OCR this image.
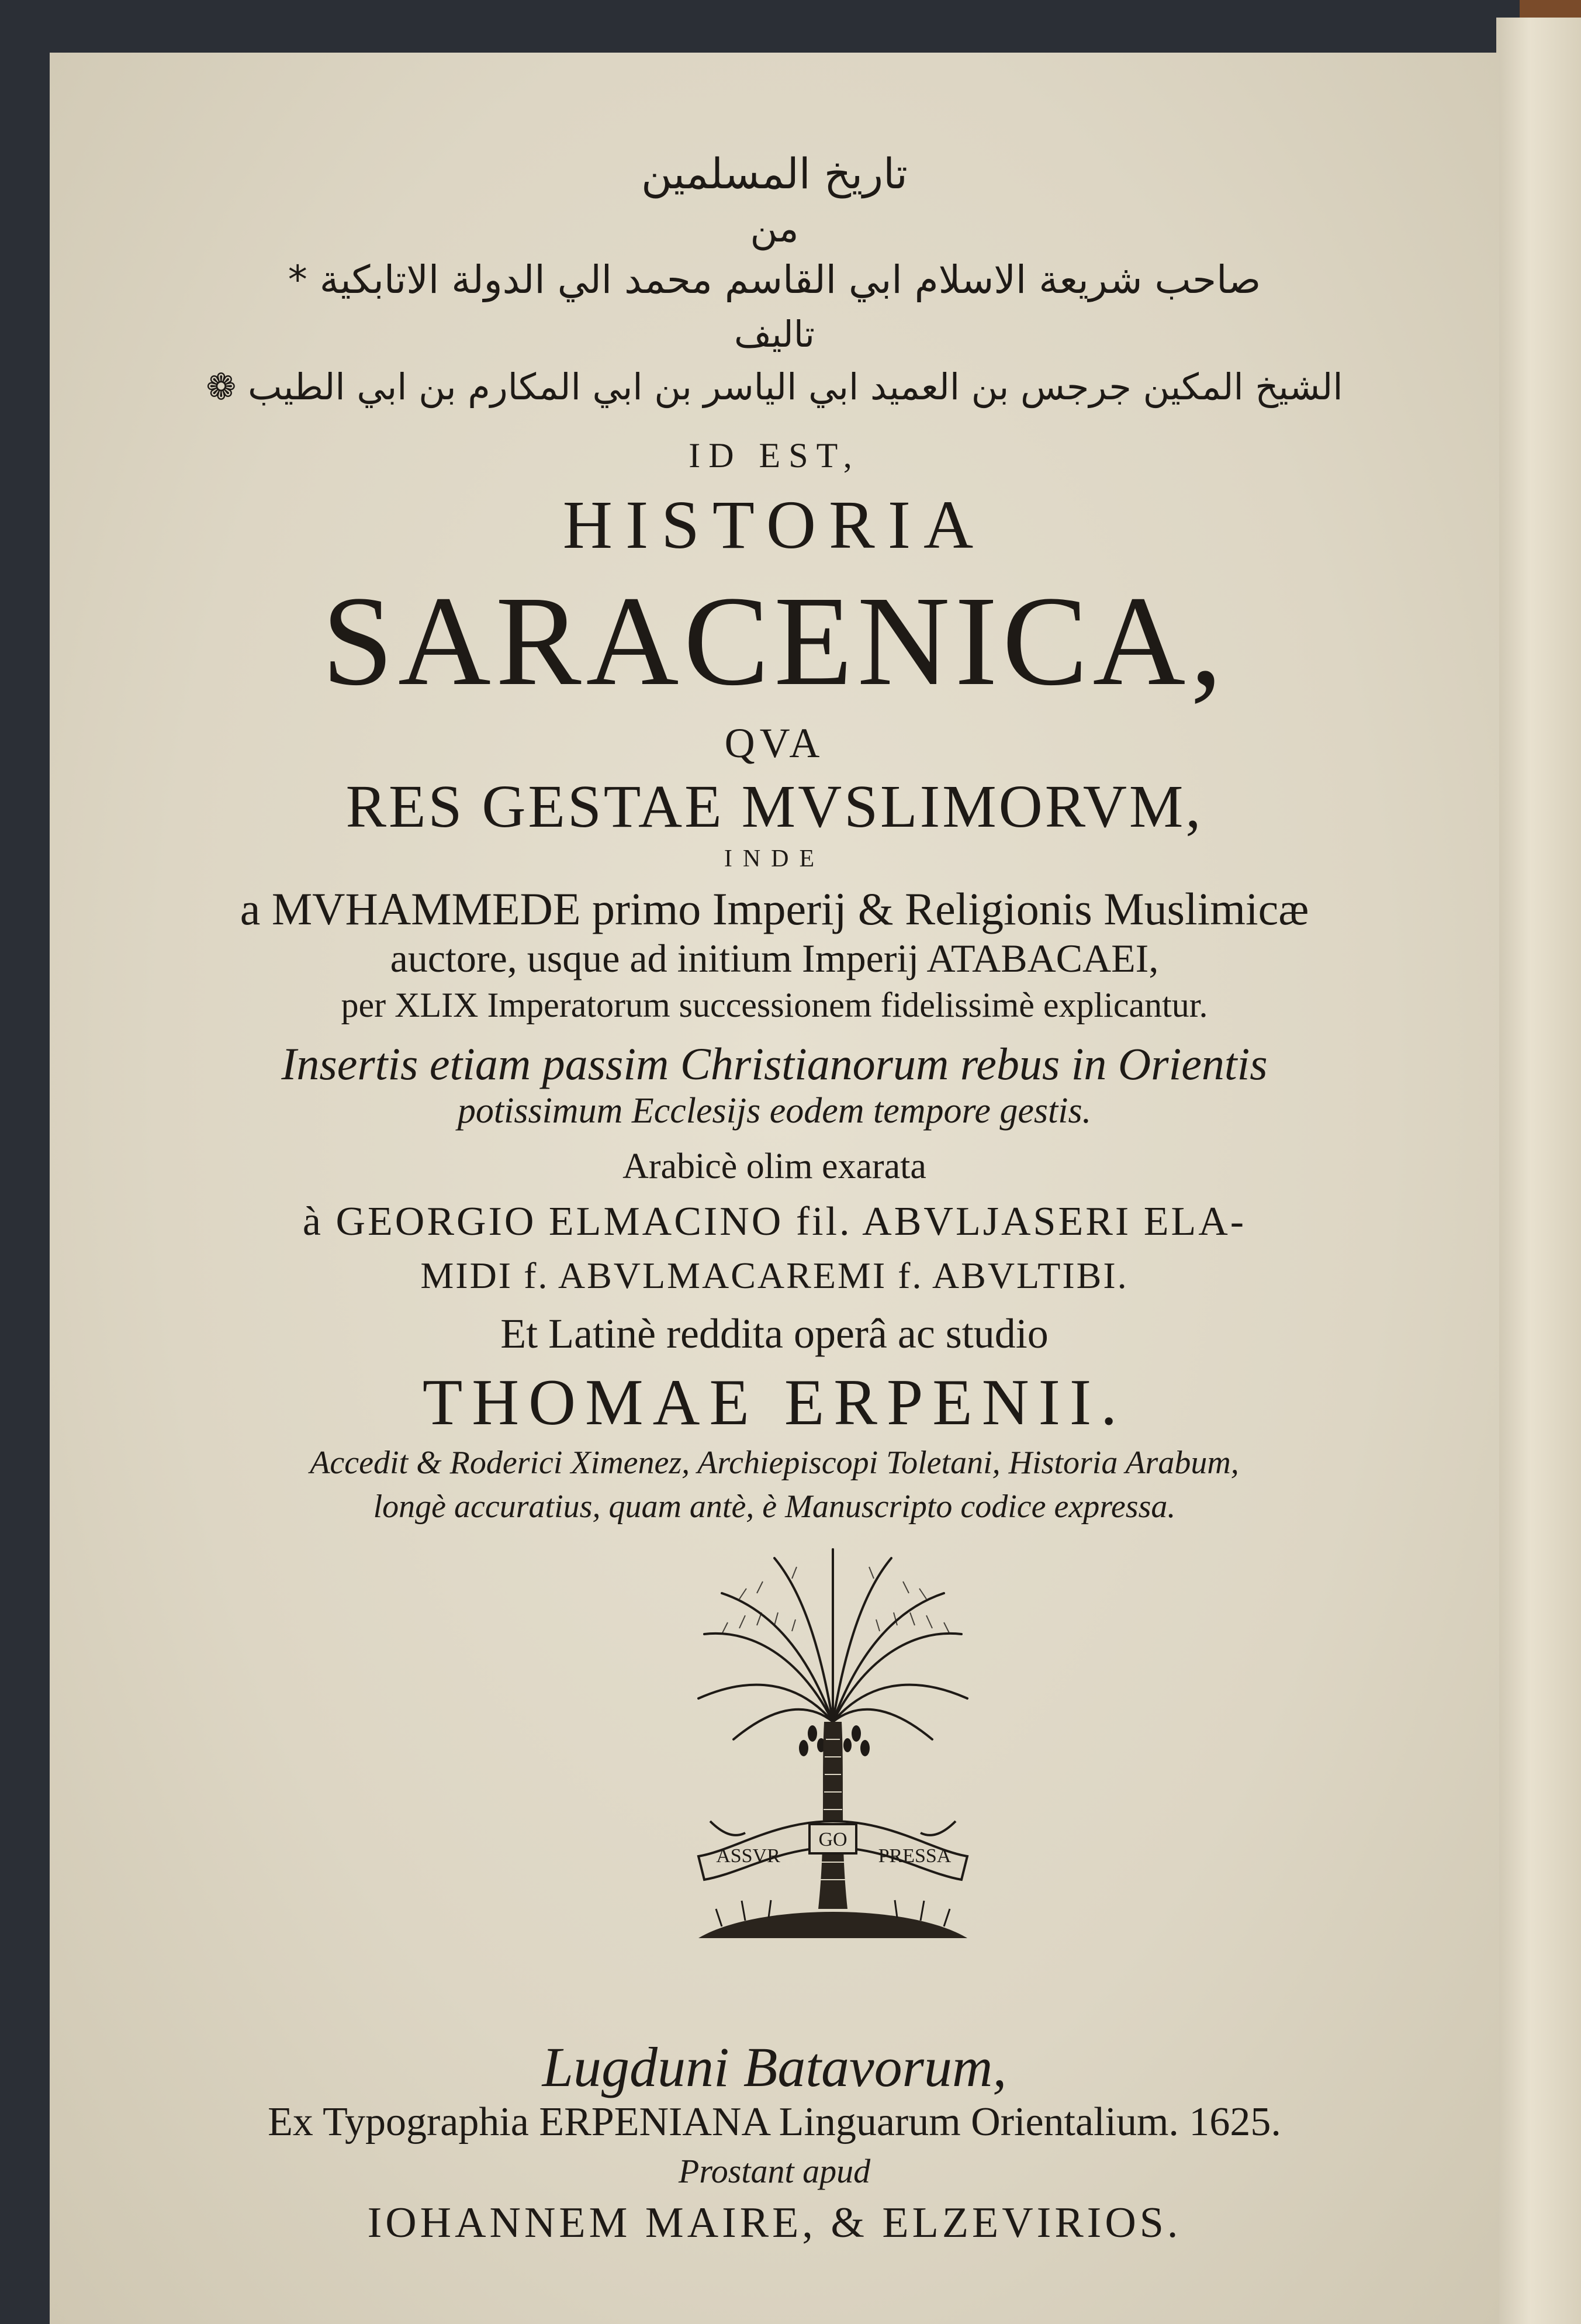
تاريخ المسلمين
من
صاحب شريعة الاسلام ابي القاسم محمد الي الدولة الاتابكية *
تاليف
الشيخ المكين جرجس بن العميد ابي الياسر بن ابي المكارم بن ابي الطيب ❁
ID EST,
HISTORIA
SARACENICA,
QVA
RES GESTAE MVSLIMORVM,
INDE
a MVHAMMEDE primo Imperij & Religionis Muslimicæ
auctore, usque ad initium Imperij ATABACAEI,
per XLIX Imperatorum successionem fidelissimè explicantur.
Insertis etiam passim Christianorum rebus in Orientis
potissimum Ecclesijs eodem tempore gestis.
Arabicè olim exarata
à GEORGIO ELMACINO fil. ABVLJASERI ELA-
MIDI f. ABVLMACAREMI f. ABVLTIBI.
Et Latinè reddita operâ ac studio
THOMAE ERPENII.
Accedit & Roderici Ximenez, Archiepiscopi Toletani, Historia Arabum,
longè accuratius, quam antè, è Manuscripto codice expressa.
ASSVR
GO
PRESSA
Lugduni Batavorum,
Ex Typographia ERPENIANA Linguarum Orientalium. 1625.
Prostant apud
IOHANNEM MAIRE, & ELZEVIRIOS.
